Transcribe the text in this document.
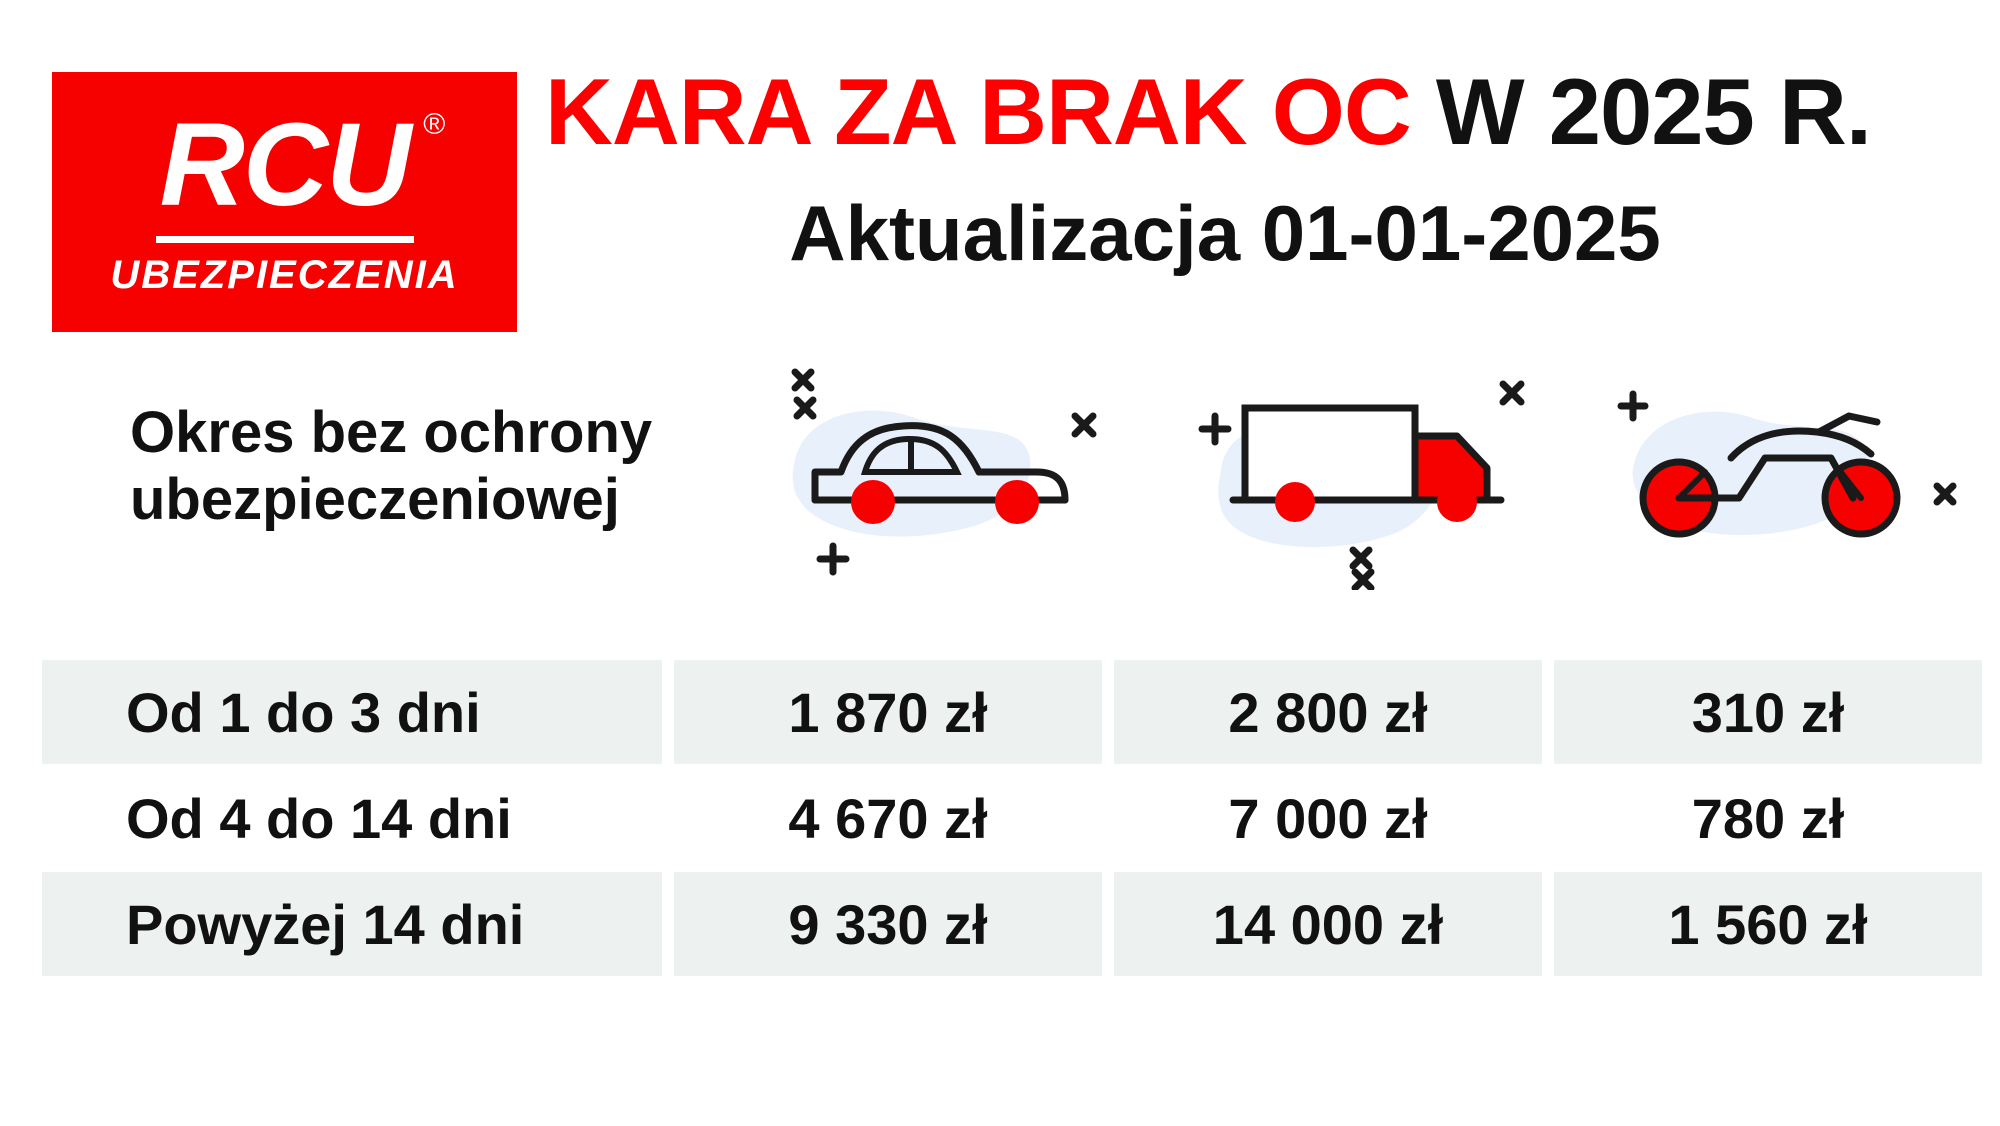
RCU ®
UBEZPIECZENIA
KARA ZA BRAK OC W 2025 R.
Aktualizacja 01-01-2025
Okres bez ochrony ubezpieczeniowej
Od 1 do 3 dni	1 870 zł	2 800 zł	310 zł
Od 4 do 14 dni	4 670 zł	7 000 zł	780 zł
Powyżej 14 dni	9 330 zł	14 000 zł	1 560 zł
